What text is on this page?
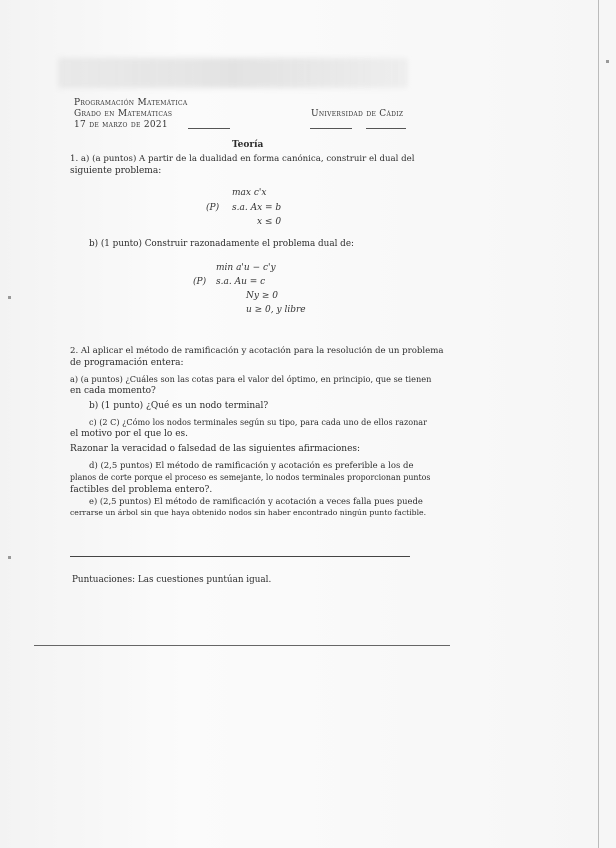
Programación Matemática
Grado en Matemáticas
17 de marzo de 2021
Universidad de Cádiz
Teoría
1. a) (a puntos) A partir de la dualidad en forma canónica, construir el dual del
siguiente problema:
max c'x
(P) s.a. Ax = b
x ≤ 0
b) (1 punto) Construir razonadamente el problema dual de:
min a'u − c'y
(P) s.a. Au = c
Ny ≥ 0
u ≥ 0, y libre
2. Al aplicar el método de ramificación y acotación para la resolución de un problema
de programación entera:
a) (a puntos) ¿Cuáles son las cotas para el valor del óptimo, en principio, que se tienen
en cada momento?
b) (1 punto) ¿Qué es un nodo terminal?
c) (2 C) ¿Cómo los nodos terminales según su tipo, para cada uno de ellos razonar
el motivo por el que lo es.
Razonar la veracidad o falsedad de las siguientes afirmaciones:
d) (2,5 puntos) El método de ramificación y acotación es preferible a los de
planos de corte porque el proceso es semejante, lo nodos terminales proporcionan puntos
factibles del problema entero?.
e) (2,5 puntos) El método de ramificación y acotación a veces falla pues puede
cerrarse un árbol sin que haya obtenido nodos sin haber encontrado ningún punto factible.
Puntuaciones: Las cuestiones puntúan igual.
